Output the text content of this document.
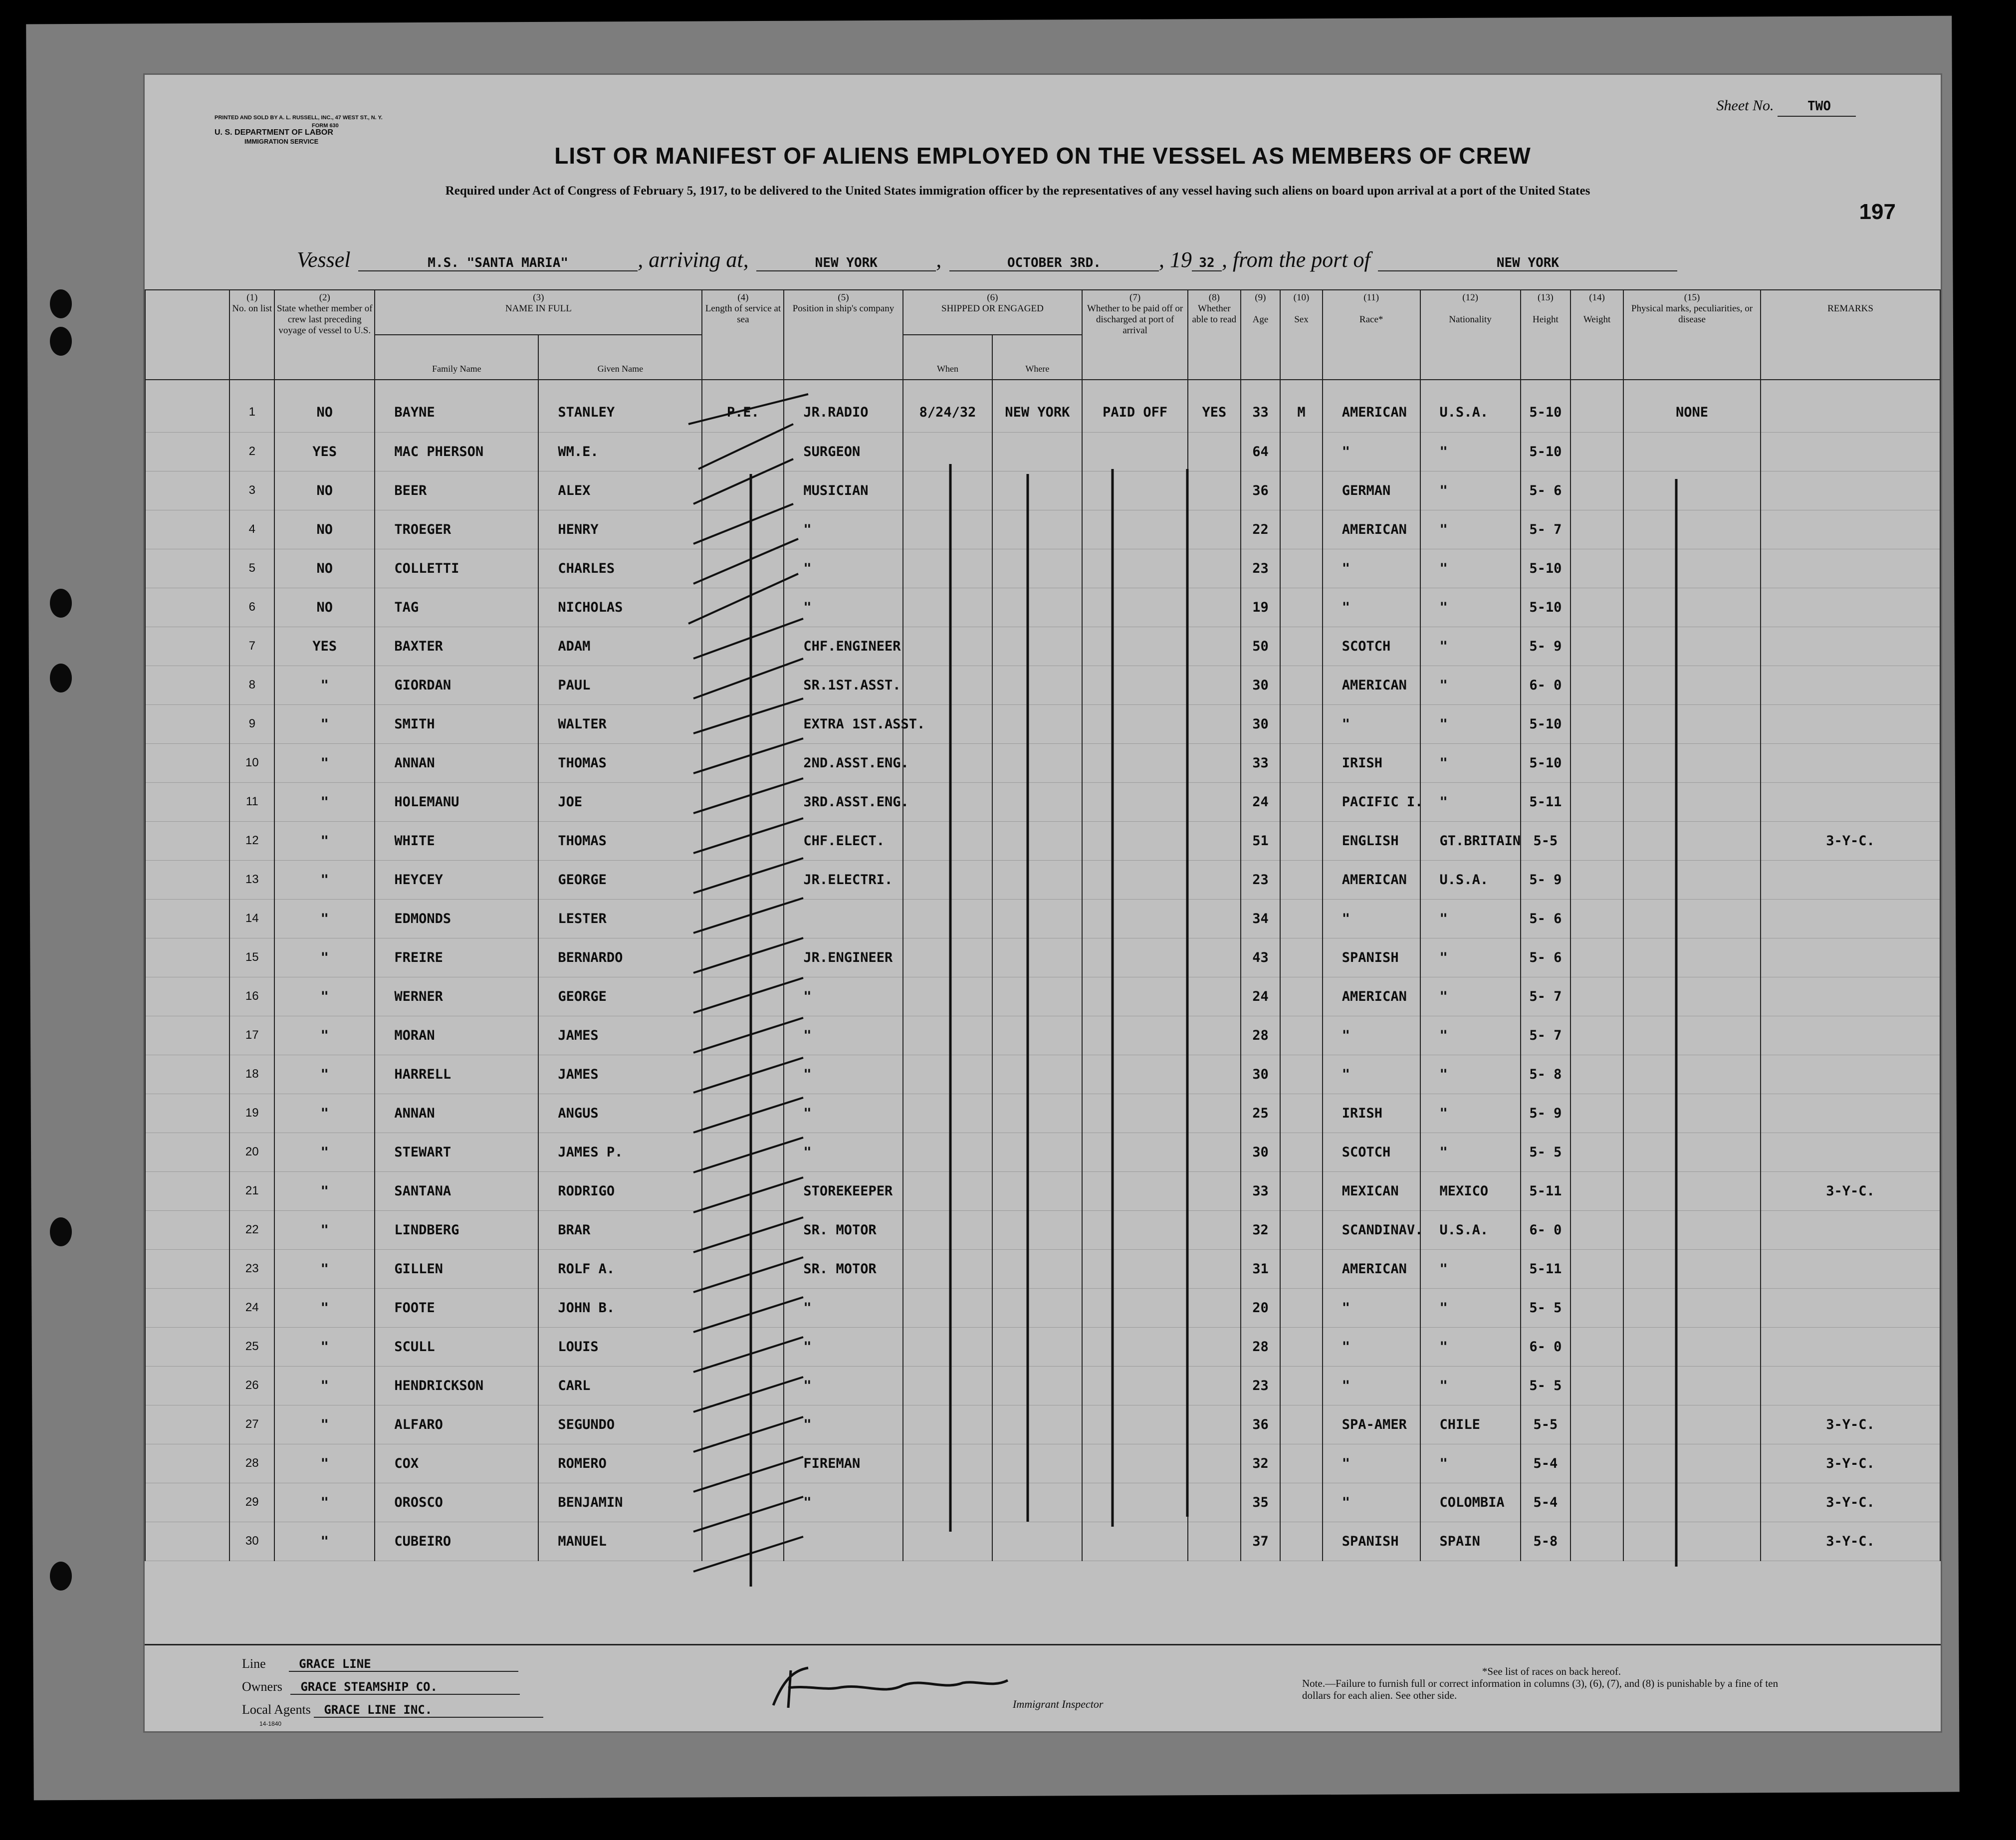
PRINTED AND SOLD BY A. L. RUSSELL, INC., 47 WEST ST., N. Y.
FORM 630
U. S. DEPARTMENT OF LABOR
IMMIGRATION SERVICE
Sheet No.	TWO
LIST OR MANIFEST OF ALIENS EMPLOYED ON THE VESSEL AS MEMBERS OF CREW
Required under Act of Congress of February 5, 1917, to be delivered to the United States immigration officer by the representatives of any vessel having such aliens on board upon arrival at a port of the United States
197
Vessel	M.S. "SANTA MARIA"	, arriving at,	NEW YORK	,	OCTOBER 3RD.	, 19 32 , from the port of	NEW YORK
	(1)
No. on list	(2)
State whether member of crew last preceding voyage of vessel to U.S.	(3)
NAME IN FULL		(4)
Length of service at sea	(5)
Position in ship's company	(6)
SHIPPED OR ENGAGED		(7)
Whether to be paid off or discharged at port of arrival	(8)
Whether able to read	(9)

Age	(10)

Sex	(11)

Race*	(12)

Nationality	(13)

Height	(14)

Weight	(15)
Physical marks, peculiarities, or disease	REMARKS
			Family Name	Given Name			When	Where										
	1	NO	BAYNE	STANLEY	P.E.	JR.RADIO	8/24/32	NEW YORK	PAID OFF	YES	33	M	AMERICAN	U.S.A.	5-10		NONE	
	2	YES	MAC PHERSON	WM.E.		SURGEON					64		"	"	5-10			
	3	NO	BEER	ALEX		MUSICIAN					36		GERMAN	"	5- 6			
	4	NO	TROEGER	HENRY		"					22		AMERICAN	"	5- 7			
	5	NO	COLLETTI	CHARLES		"					23		"	"	5-10			
	6	NO	TAG	NICHOLAS		"					19		"	"	5-10			
	7	YES	BAXTER	ADAM		CHF.ENGINEER					50		SCOTCH	"	5- 9			
	8	"	GIORDAN	PAUL		SR.1ST.ASST.					30		AMERICAN	"	6- 0			
	9	"	SMITH	WALTER		EXTRA 1ST.ASST.					30		"	"	5-10			
	10	"	ANNAN	THOMAS		2ND.ASST.ENG.					33		IRISH	"	5-10			
	11	"	HOLEMANU	JOE		3RD.ASST.ENG.					24		PACIFIC I.	"	5-11			
	12	"	WHITE	THOMAS		CHF.ELECT.					51		ENGLISH	GT.BRITAIN	5-5			3-Y-C.
	13	"	HEYCEY	GEORGE		JR.ELECTRI.					23		AMERICAN	U.S.A.	5- 9			
	14	"	EDMONDS	LESTER							34		"	"	5- 6			
	15	"	FREIRE	BERNARDO		JR.ENGINEER					43		SPANISH	"	5- 6			
	16	"	WERNER	GEORGE		"					24		AMERICAN	"	5- 7			
	17	"	MORAN	JAMES		"					28		"	"	5- 7			
	18	"	HARRELL	JAMES		"					30		"	"	5- 8			
	19	"	ANNAN	ANGUS		"					25		IRISH	"	5- 9			
	20	"	STEWART	JAMES P.		"					30		SCOTCH	"	5- 5			
	21	"	SANTANA	RODRIGO		STOREKEEPER					33		MEXICAN	MEXICO	5-11			3-Y-C.
	22	"	LINDBERG	BRAR		SR. MOTOR					32		SCANDINAV.	U.S.A.	6- 0			
	23	"	GILLEN	ROLF A.		SR. MOTOR					31		AMERICAN	"	5-11			
	24	"	FOOTE	JOHN B.		"					20		"	"	5- 5			
	25	"	SCULL	LOUIS		"					28		"	"	6- 0			
	26	"	HENDRICKSON	CARL		"					23		"	"	5- 5			
	27	"	ALFARO	SEGUNDO		"					36		SPA-AMER	CHILE	5-5			3-Y-C.
	28	"	COX	ROMERO		FIREMAN					32		"	"	5-4			3-Y-C.
	29	"	OROSCO	BENJAMIN		"					35		"	COLOMBIA	5-4			3-Y-C.
	30	"	CUBEIRO	MANUEL							37		SPANISH	SPAIN	5-8			3-Y-C.
Line	GRACE LINE
Owners GRACE STEAMSHIP CO.
Local Agents GRACE LINE INC.	Immigrant Inspector
*See list of races on back hereof.
Note.—Failure to furnish full or correct information in columns (3), (6), (7), and (8) is punishable by a fine of ten dollars for each alien. See other side.
14-1840
